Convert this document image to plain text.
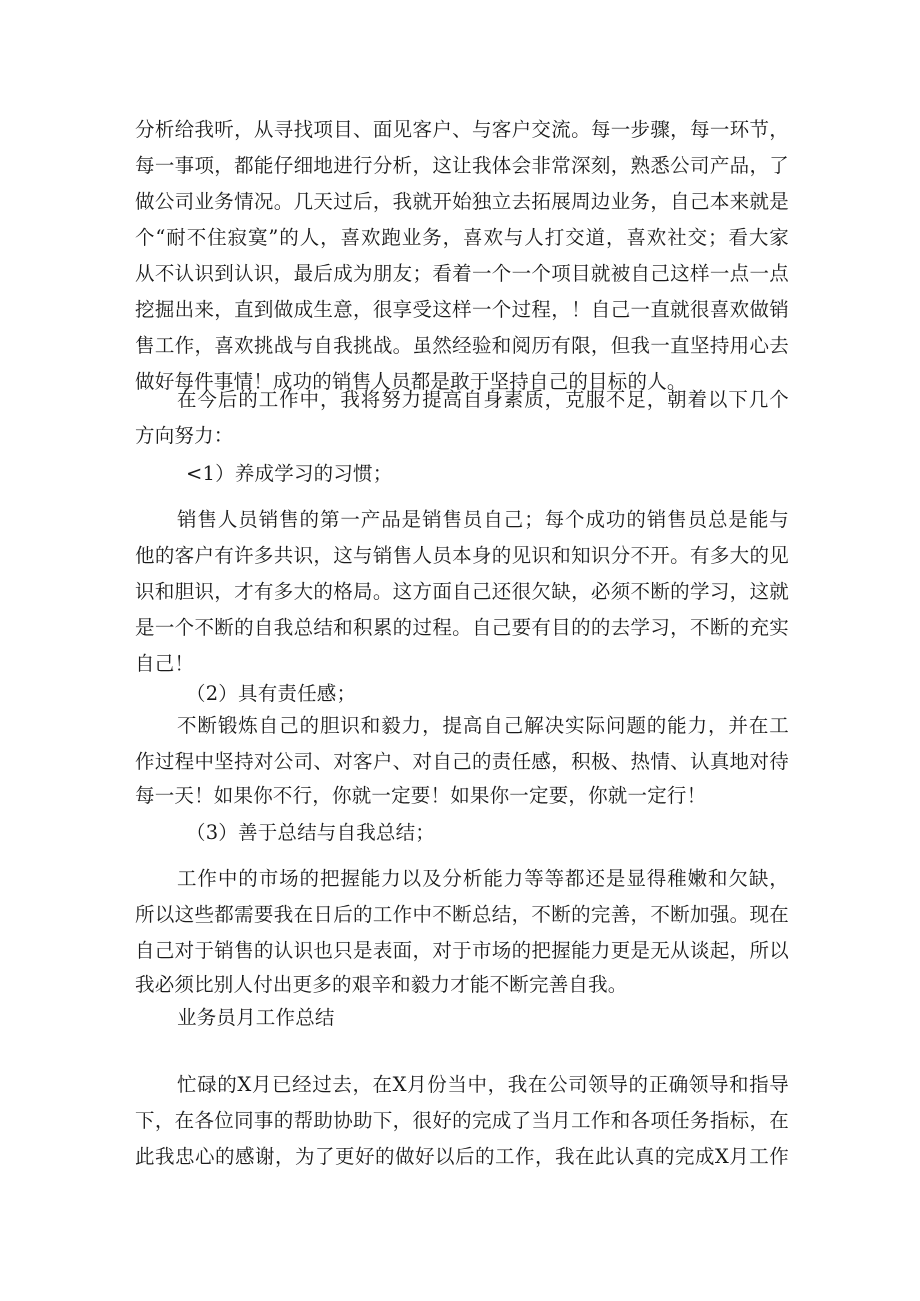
分析给我听，从寻找项目、面见客户、与客户交流。每一步骤，每一环节，
每一事项，都能仔细地进行分析，这让我体会非常深刻，熟悉公司产品，了
做公司业务情况。几天过后，我就开始独立去拓展周边业务，自己本来就是
个“耐不住寂寞”的人，喜欢跑业务，喜欢与人打交道，喜欢社交；看大家
从不认识到认识，最后成为朋友；看着一个一个项目就被自己这样一点一点
挖掘出来，直到做成生意，很享受这样一个过程，！自己一直就很喜欢做销
售工作，喜欢挑战与自我挑战。虽然经验和阅历有限，但我一直坚持用心去
做好每件事情！成功的销售人员都是敢于坚持自己的目标的人。
在今后的工作中，我将努力提高自身素质，克服不足，朝着以下几个
方向努力：
<1）养成学习的习惯；
销售人员销售的第一产品是销售员自己；每个成功的销售员总是能与
他的客户有许多共识，这与销售人员本身的见识和知识分不开。有多大的见
识和胆识，才有多大的格局。这方面自己还很欠缺，必须不断的学习，这就
是一个不断的自我总结和积累的过程。自己要有目的的去学习，不断的充实
自己！
（2）具有责任感；
不断锻炼自己的胆识和毅力，提高自己解决实际问题的能力，并在工
作过程中坚持对公司、对客户、对自己的责任感，积极、热情、认真地对待
每一天！如果你不行，你就一定要！如果你一定要，你就一定行！
（3）善于总结与自我总结；
工作中的市场的把握能力以及分析能力等等都还是显得稚嫩和欠缺，
所以这些都需要我在日后的工作中不断总结，不断的完善，不断加强。现在
自己对于销售的认识也只是表面，对于市场的把握能力更是无从谈起，所以
我必须比别人付出更多的艰辛和毅力才能不断完善自我。
业务员月工作总结
忙碌的X月已经过去，在X月份当中，我在公司领导的正确领导和指导
下，在各位同事的帮助协助下，很好的完成了当月工作和各项任务指标，在
此我忠心的感谢，为了更好的做好以后的工作，我在此认真的完成X月工作
